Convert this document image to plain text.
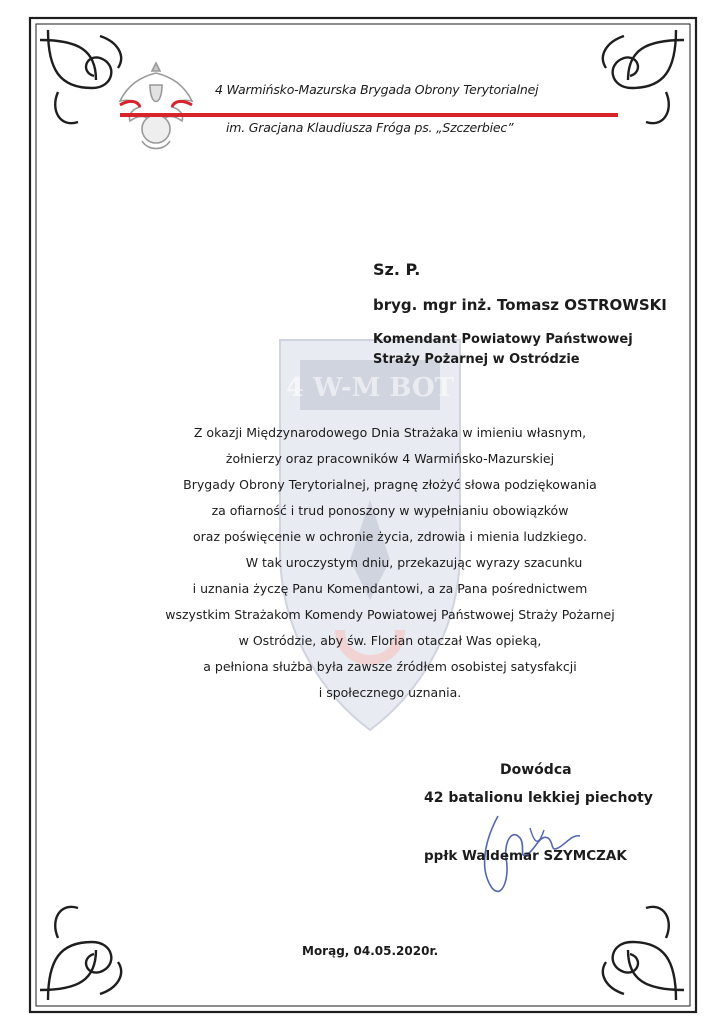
4 W-M BOT
4 Warmińsko-Mazurska Brygada Obrony Terytorialnej
im. Gracjana Klaudiusza Fróga ps. „Szczerbiec”
Sz. P.
bryg. mgr inż. Tomasz OSTROWSKI
Komendant Powiatowy Państwowej
Straży Pożarnej w Ostródzie
Z okazji Międzynarodowego Dnia Strażaka w imieniu własnym,
żołnierzy oraz pracowników 4 Warmińsko-Mazurskiej
Brygady Obrony Terytorialnej, pragnę złożyć słowa podziękowania
za ofiarność i trud ponoszony w wypełnianiu obowiązków
oraz poświęcenie w ochronie życia, zdrowia i mienia ludzkiego.
W tak uroczystym dniu, przekazując wyrazy szacunku
i uznania życzę Panu Komendantowi, a za Pana pośrednictwem
wszystkim Strażakom Komendy Powiatowej Państwowej Straży Pożarnej
w Ostródzie, aby św. Florian otaczał Was opieką,
a pełniona służba była zawsze źródłem osobistej satysfakcji
i społecznego uznania.
Dowódca
42 batalionu lekkiej piechoty
ppłk Waldemar SZYMCZAK
Morąg, 04.05.2020r.
